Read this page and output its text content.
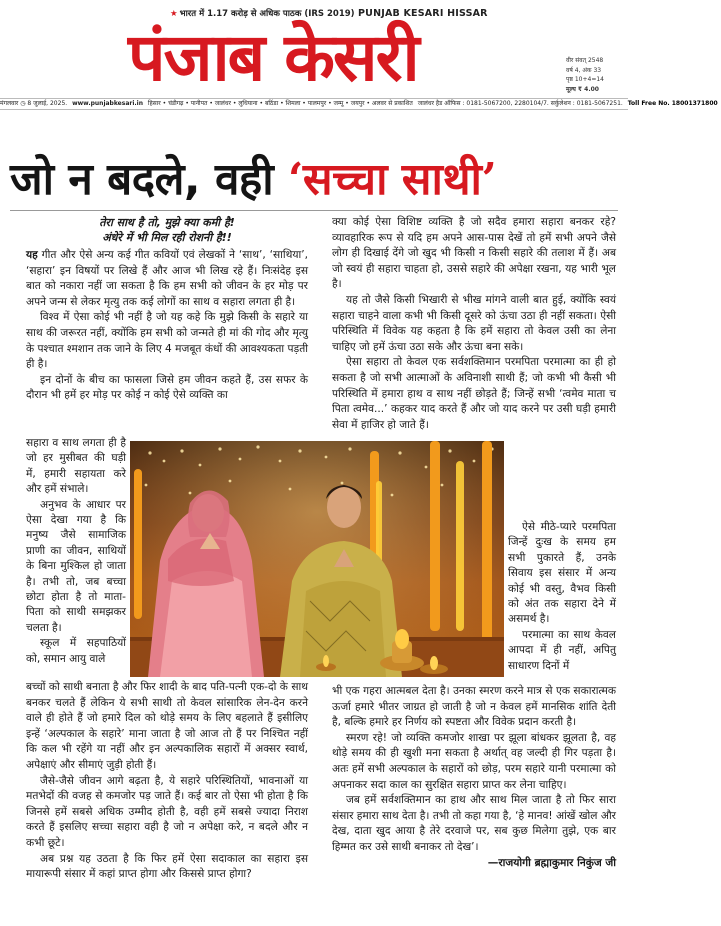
★ भारत में 1.17 करोड़ से अधिक पाठक (IRS 2019) PUNJAB KESARI HISSAR
पंजाब केसरी	वीर संवत् 2548
वर्ष 4, अंक 33
पृष्ठ 10+4=14
मूल्य ₹ 4.00
मंगलवार ◷ 8 जुलाई, 2025. www.punjabkesari.in हिसार • चंडीगढ़ • पानीपत • जालंधर • लुधियाना • बठिंडा • शिमला • पालमपुर • जम्मू • जयपुर • अलवर से प्रकाशित जालंधर हैड ऑफिस : 0181-5067200, 2280104/7. सर्कुलेशन : 0181-5067251. Toll Free No. 18001371800
जो न बदले, वही ‘सच्चा साथी’

तेरा साथ है तो, मुझे क्या कमी है!

अंधेरे में भी मिल रही रोशनी है!!

यह गीत और ऐसे अन्य कई गीत कवियों एवं लेखकों ने ‘साथ’, ‘साथिया’, ‘सहारा’ इन विषयों पर लिखे हैं और आज भी लिख रहे हैं। निःसंदेह इस बात को नकारा नहीं जा सकता है कि हम सभी को जीवन के हर मोड़ पर अपने जन्म से लेकर मृत्यु तक कई लोगों का साथ व सहारा लगता ही है।

विश्व में ऐसा कोई भी नहीं है जो यह कहे कि मुझे किसी के सहारे या साथ की जरूरत नहीं, क्योंकि हम सभी को जन्मते ही मां की गोद और मृत्यु के पश्चात श्मशान तक जाने के लिए 4 मजबूत कंधों की आवश्यकता पड़ती ही है।

इन दोनों के बीच का फासला जिसे हम जीवन कहते हैं, उस सफर के दौरान भी हमें हर मोड़ पर कोई न कोई ऐसे व्यक्ति का

सहारा व साथ लगता ही है जो हर मुसीबत की घड़ी में, हमारी सहायता करे और हमें संभाले।

अनुभव के आधार पर ऐसा देखा गया है कि मनुष्य जैसे सामाजिक प्राणी का जीवन, साथियों के बिना मुश्किल हो जाता है। तभी तो, जब बच्चा छोटा होता है तो माता-पिता को साथी समझकर चलता है।

स्कूल में सहपाठियों को, समान आयु वाले

बच्चों को साथी बनाता है और फिर शादी के बाद पति-पत्नी एक-दो के साथ बनकर चलते हैं लेकिन ये सभी साथी तो केवल सांसारिक लेन-देन करने वाले ही होते हैं जो हमारे दिल को थोड़े समय के लिए बहलाते हैं इसीलिए इन्हें ‘अल्पकाल के सहारे’ माना जाता है जो आज तो हैं पर निश्चित नहीं कि कल भी रहेंगे या नहीं और इन अल्पकालिक सहारों में अक्सर स्वार्थ, अपेक्षाएं और सीमाएं जुड़ी होती हैं।

जैसे-जैसे जीवन आगे बढ़ता है, ये सहारे परिस्थितियों, भावनाओं या मतभेदों की वजह से कमजोर पड़ जाते हैं। कई बार तो ऐसा भी होता है कि जिनसे हमें सबसे अधिक उम्मीद होती है, वही हमें सबसे ज्यादा निराश करते हैं इसलिए सच्चा सहारा वही है जो न अपेक्षा करे, न बदले और न कभी छूटे।

अब प्रश्न यह उठता है कि फिर हमें ऐसा सदाकाल का सहारा इस मायारूपी संसार में कहां प्राप्त होगा और किससे प्राप्त होगा?

क्या कोई ऐसा विशिष्ट व्यक्ति है जो सदैव हमारा सहारा बनकर रहे? व्यावहारिक रूप से यदि हम अपने आस-पास देखें तो हमें सभी अपने जैसे लोग ही दिखाई देंगे जो खुद भी किसी न किसी सहारे की तलाश में हैं। अब जो स्वयं ही सहारा चाहता हो, उससे सहारे की अपेक्षा रखना, यह भारी भूल है।

यह तो जैसे किसी भिखारी से भीख मांगने वाली बात हुई, क्योंकि स्वयं सहारा चाहने वाला कभी भी किसी दूसरे को ऊंचा उठा ही नहीं सकता। ऐसी परिस्थिति में विवेक यह कहता है कि हमें सहारा तो केवल उसी का लेना चाहिए जो हमें ऊंचा उठा सके और ऊंचा बना सके।

ऐसा सहारा तो केवल एक सर्वशक्तिमान परमपिता परमात्मा का ही हो सकता है जो सभी आत्माओं के अविनाशी साथी हैं; जो कभी भी कैसी भी परिस्थिति में हमारा हाथ व साथ नहीं छोड़ते हैं; जिन्हें सभी ‘त्वमेव माता च पिता त्वमेव...’ कहकर याद करते हैं और जो याद करने पर उसी घड़ी हमारी सेवा में हाजिर हो जाते हैं।

ऐसे मीठे-प्यारे परमपिता जिन्हें दुःख के समय हम सभी पुकारते हैं, उनके सिवाय इस संसार में अन्य कोई भी वस्तु, वैभव किसी को अंत तक सहारा देने में असमर्थ है।

परमात्मा का साथ केवल आपदा में ही नहीं, अपितु साधारण दिनों में

भी एक गहरा आत्मबल देता है। उनका स्मरण करने मात्र से एक सकारात्मक ऊर्जा हमारे भीतर जाग्रत हो जाती है जो न केवल हमें मानसिक शांति देती है, बल्कि हमारे हर निर्णय को स्पष्टता और विवेक प्रदान करती है।

स्मरण रहे! जो व्यक्ति कमजोर शाखा पर झूला बांधकर झूलता है, वह थोड़े समय की ही खुशी मना सकता है अर्थात् वह जल्दी ही गिर पड़ता है। अतः हमें सभी अल्पकाल के सहारों को छोड़, परम सहारे यानी परमात्मा को अपनाकर सदा काल का सुरक्षित सहारा प्राप्त कर लेना चाहिए।

जब हमें सर्वशक्तिमान का हाथ और साथ मिल जाता है तो फिर सारा संसार हमारा साथ देता है। तभी तो कहा गया है, ‘हे मानव! आंखें खोल और देख, दाता खुद आया है तेरे दरवाजे पर, सब कुछ मिलेगा तुझे, एक बार हिम्मत कर उसे साथी बनाकर तो देख’।

—राजयोगी ब्रह्माकुमार निकुंज जी
